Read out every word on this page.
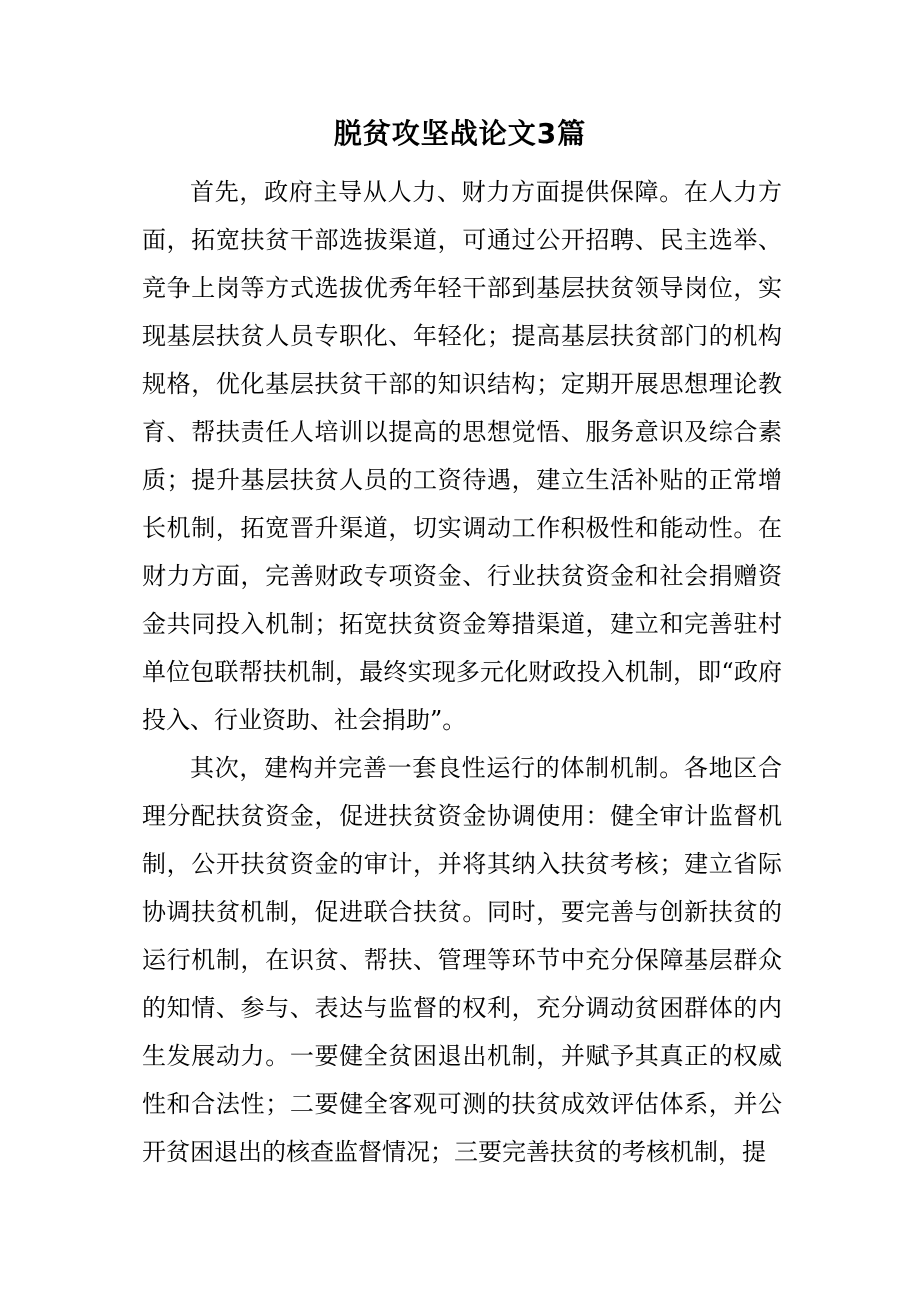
脱贫攻坚战论文3篇

首先，政府主导从人力、财力方面提供保障。在人力方面，拓宽扶贫干部选拔渠道，可通过公开招聘、民主选举、竞争上岗等方式选拔优秀年轻干部到基层扶贫领导岗位，实现基层扶贫人员专职化、年轻化；提高基层扶贫部门的机构规格，优化基层扶贫干部的知识结构；定期开展思想理论教育、帮扶责任人培训以提高的思想觉悟、服务意识及综合素质；提升基层扶贫人员的工资待遇，建立生活补贴的正常增长机制，拓宽晋升渠道，切实调动工作积极性和能动性。在财力方面，完善财政专项资金、行业扶贫资金和社会捐赠资金共同投入机制；拓宽扶贫资金筹措渠道，建立和完善驻村单位包联帮扶机制，最终实现多元化财政投入机制，即“政府投入、行业资助、社会捐助”。

其次，建构并完善一套良性运行的体制机制。各地区合理分配扶贫资金，促进扶贫资金协调使用：健全审计监督机制，公开扶贫资金的审计，并将其纳入扶贫考核；建立省际协调扶贫机制，促进联合扶贫。同时，要完善与创新扶贫的运行机制，在识贫、帮扶、管理等环节中充分保障基层群众的知情、参与、表达与监督的权利，充分调动贫困群体的内生发展动力。一要健全贫困退出机制，并赋予其真正的权威性和合法性；二要健全客观可测的扶贫成效评估体系，并公开贫困退出的核查监督情况；三要完善扶贫的考核机制，提
